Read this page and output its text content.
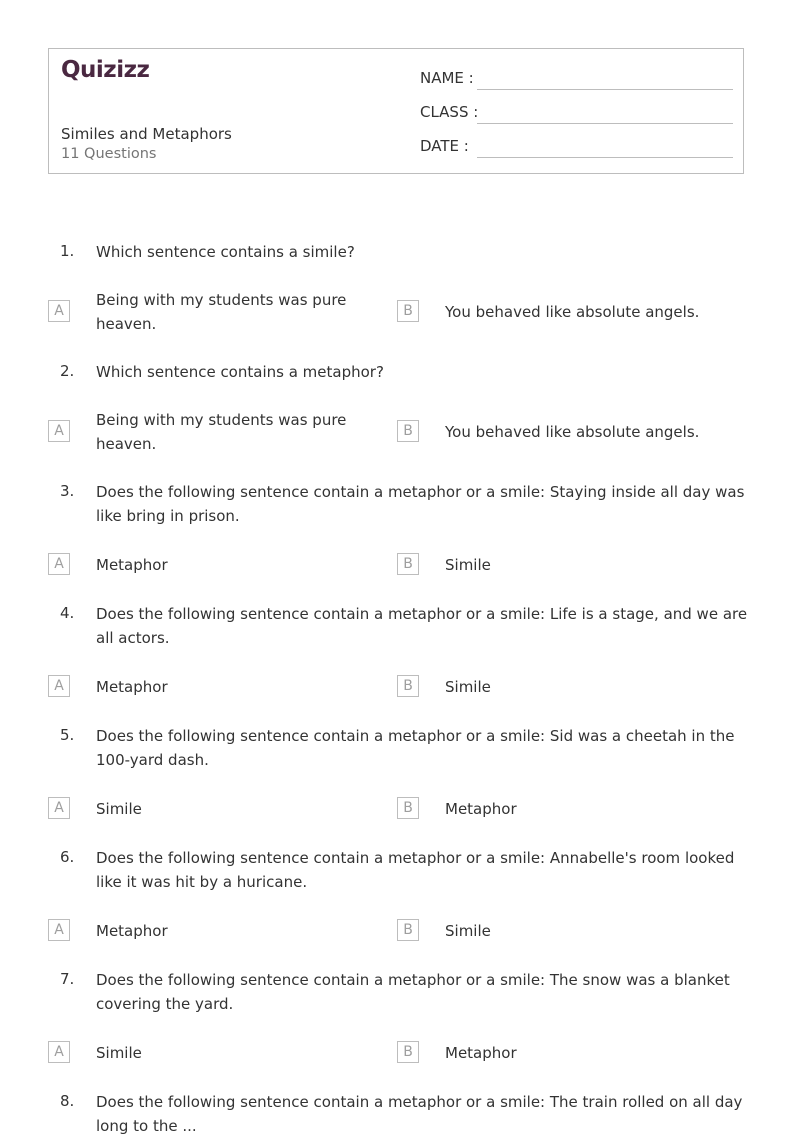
Quizizz
Similes and Metaphors
11 Questions
NAME :
CLASS :
DATE :
1.	Which sentence contains a simile?
A
Being with my students was pure heaven.
B	You behaved like absolute angels.
2.	Which sentence contains a metaphor?
A
Being with my students was pure heaven.
B	You behaved like absolute angels.
3.	Does the following sentence contain a metaphor or a smile: Staying inside all day was like bring in prison.
A	Metaphor	B	Simile
4.	Does the following sentence contain a metaphor or a smile: Life is a stage, and we are all actors.
A	Metaphor	B	Simile
5.	Does the following sentence contain a metaphor or a smile: Sid was a cheetah in the 100-yard dash.
A	Simile	B	Metaphor
6.	Does the following sentence contain a metaphor or a smile: Annabelle's room looked like it was hit by a huricane.
A	Metaphor	B	Simile
7.	Does the following sentence contain a metaphor or a smile: The snow was a blanket covering the yard.
A	Simile	B	Metaphor
8.	Does the following sentence contain a metaphor or a smile: The train rolled on all day long to the ...
